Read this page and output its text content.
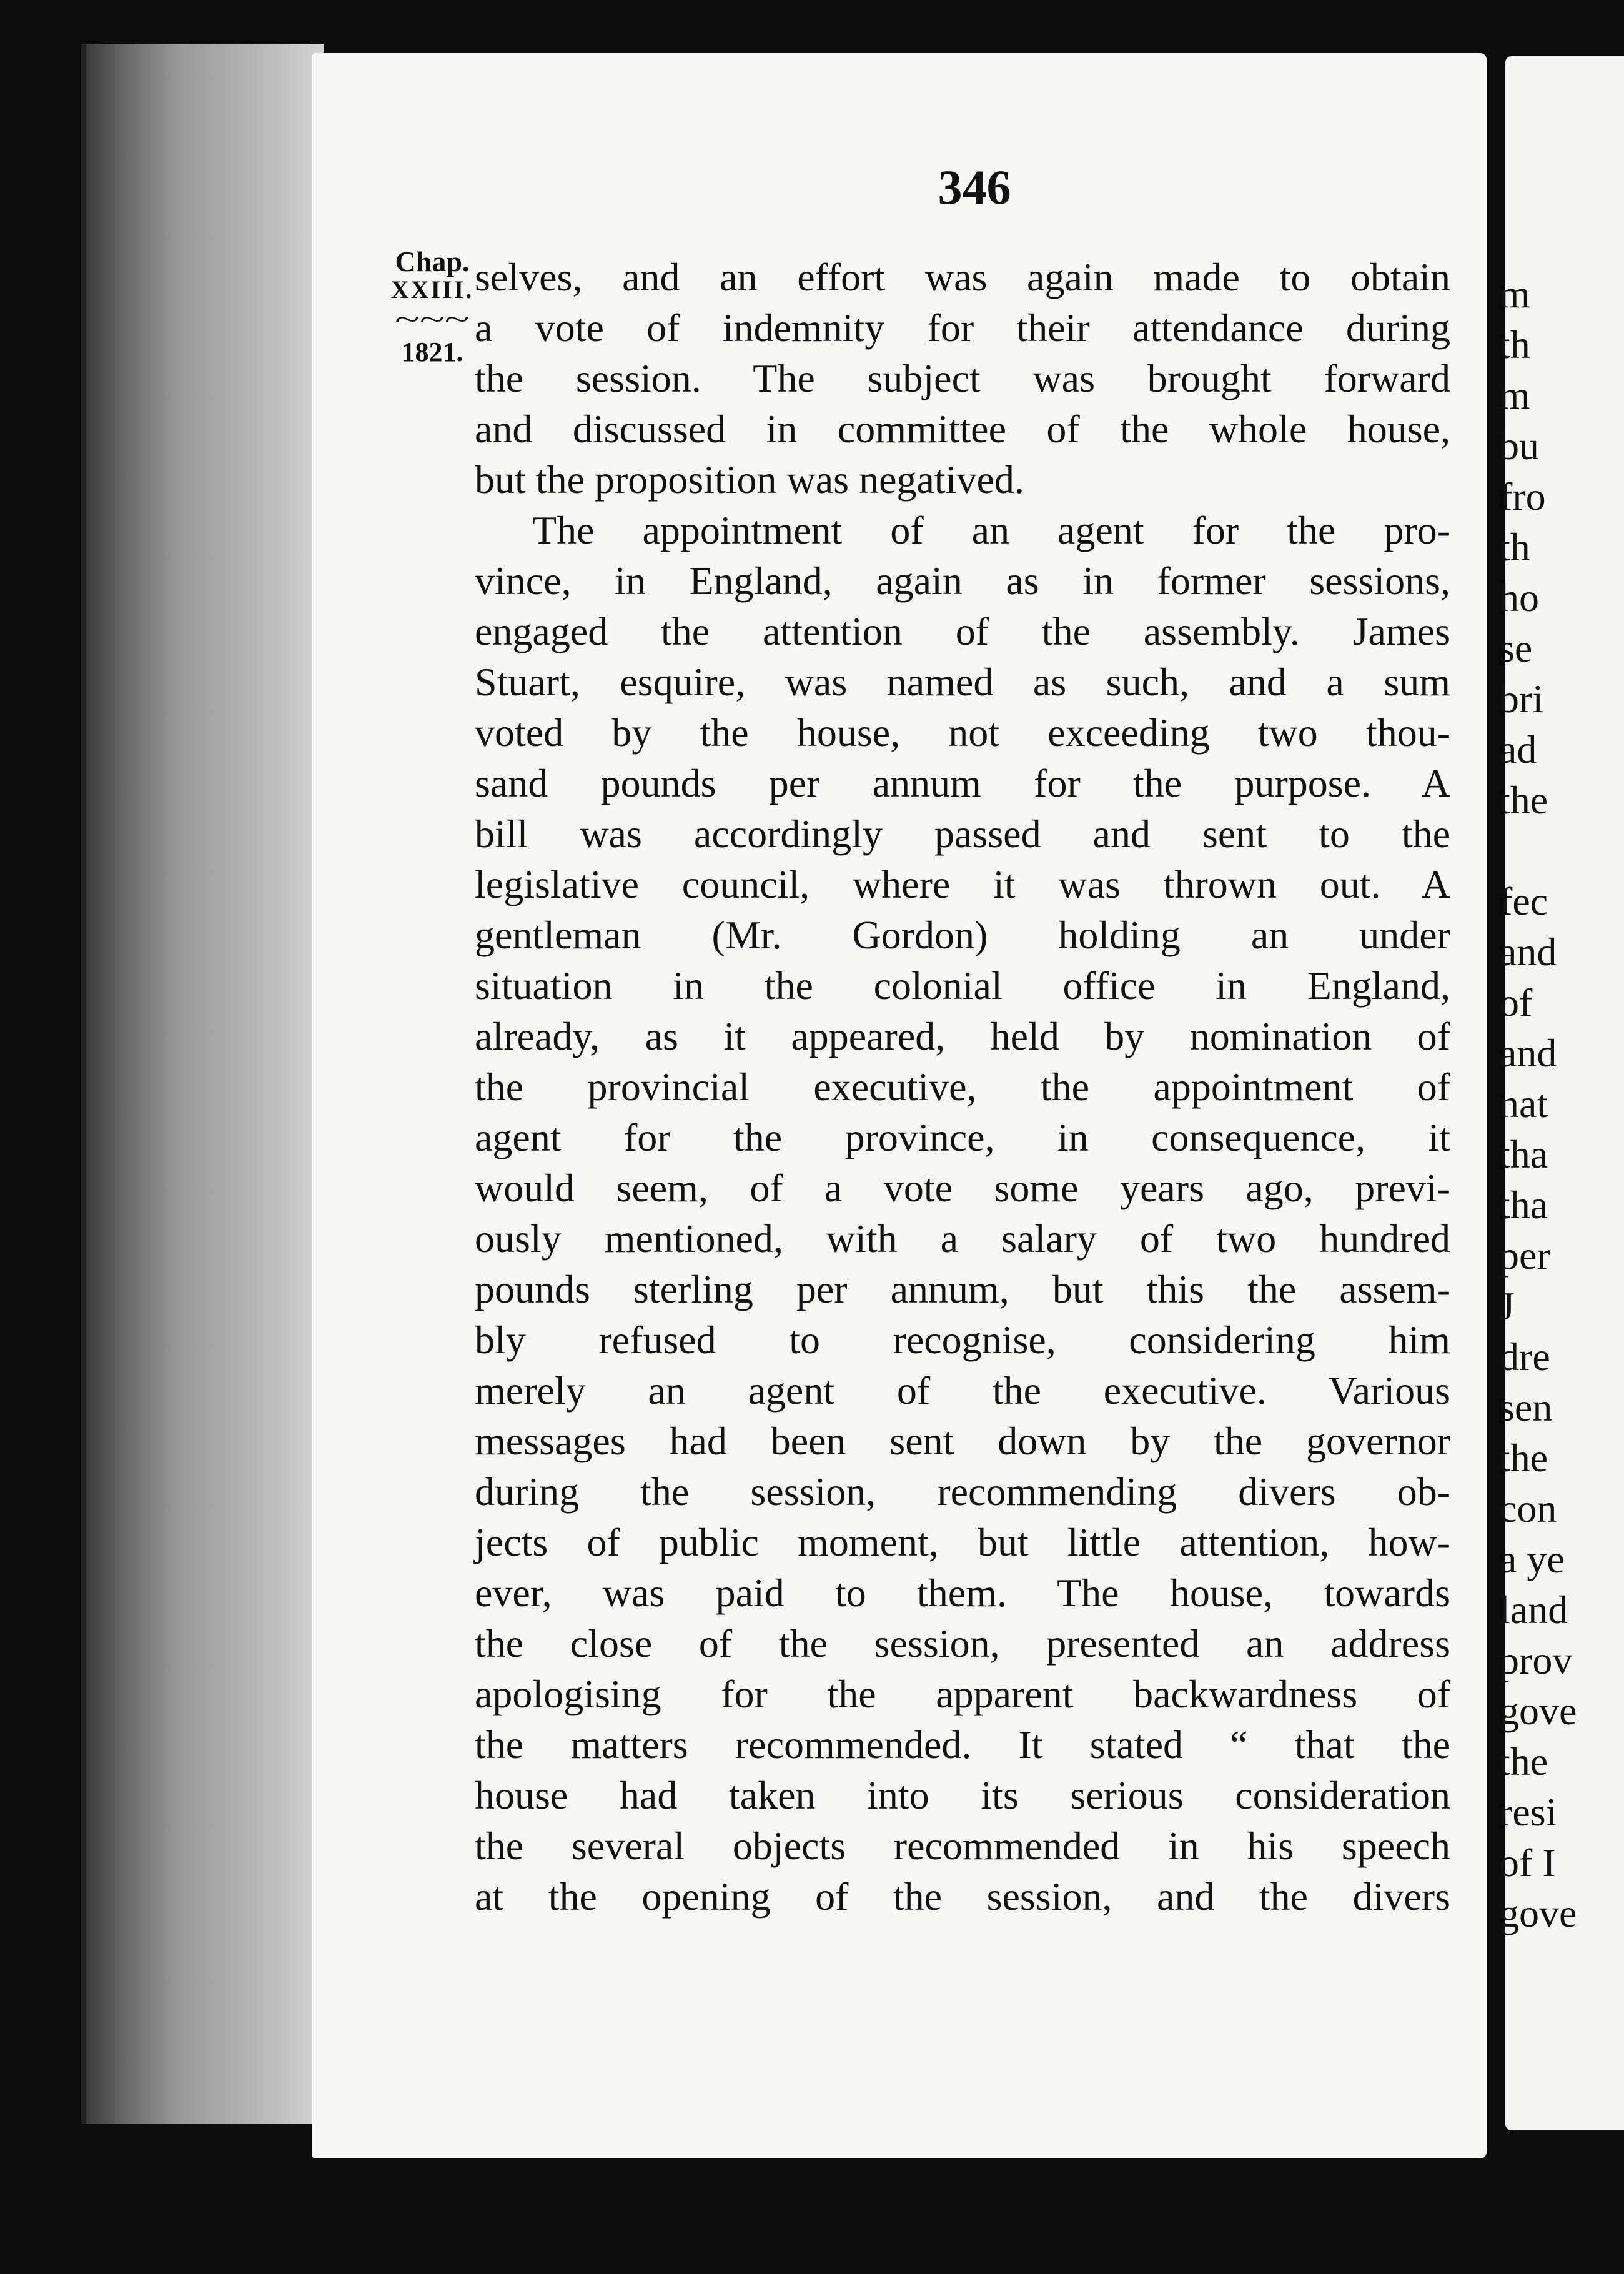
346
Chap.
XXIII.
~~~
1821.
selves, and an effort was again made to obtain
a vote of indemnity for their attendance during
the session. The subject was brought forward
and discussed in committee of the whole house,
but the proposition was negatived.
The appointment of an agent for the pro-
vince, in England, again as in former sessions,
engaged the attention of the assembly. James
Stuart, esquire, was named as such, and a sum
voted by the house, not exceeding two thou-
sand pounds per annum for the purpose. A
bill was accordingly passed and sent to the
legislative council, where it was thrown out. A
gentleman (Mr. Gordon) holding an under
situation in the colonial office in England,
already, as it appeared, held by nomination of
the provincial executive, the appointment of
agent for the province, in consequence, it
would seem, of a vote some years ago, previ-
ously mentioned, with a salary of two hundred
pounds sterling per annum, but this the assem-
bly refused to recognise, considering him
merely an agent of the executive. Various
messages had been sent down by the governor
during the session, recommending divers ob-
jects of public moment, but little attention, how-
ever, was paid to them. The house, towards
the close of the session, presented an address
apologising for the apparent backwardness of
the matters recommended. It stated “ that the
house had taken into its serious consideration
the several objects recommended in his speech
at the opening of the session, and the divers
m
th
m
bu
fro
th
ho
se
bri
ad
the
fec
and
of
and
nat
tha
tha
per
J
dre
sen
the
con
a ye
land
prov
gove
the
resi
of I
gove
